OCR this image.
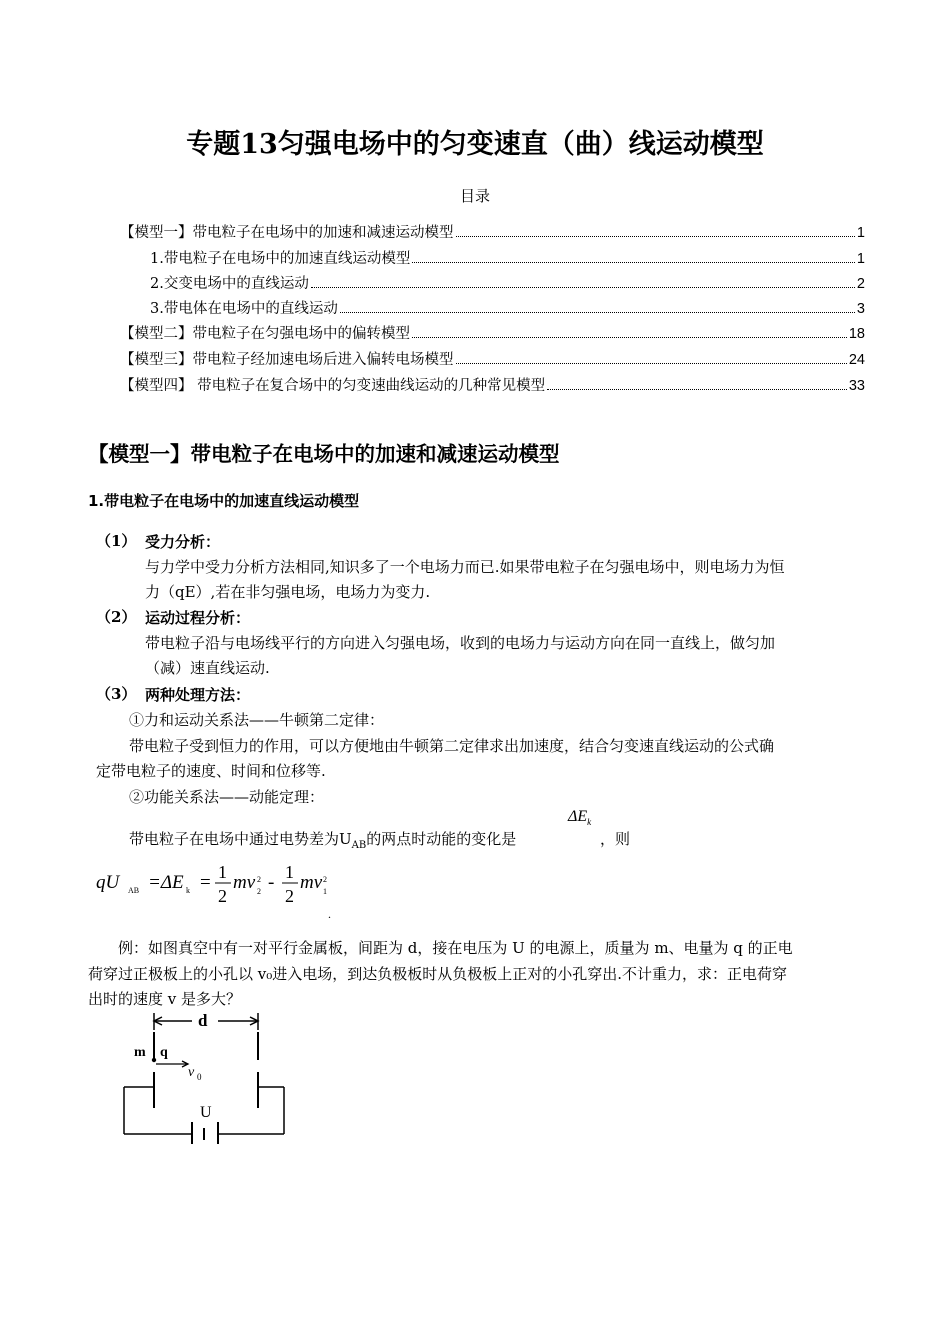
专题13匀强电场中的匀变速直（曲）线运动模型
目录
【模型一】带电粒子在电场中的加速和减速运动模型	1
1.带电粒子在电场中的加速直线运动模型	1
2.交变电场中的直线运动	2
3.带电体在电场中的直线运动	3
【模型二】带电粒子在匀强电场中的偏转模型	18
【模型三】带电粒子经加速电场后进入偏转电场模型	24
【模型四】 带电粒子在复合场中的匀变速曲线运动的几种常见模型	33
【模型一】带电粒子在电场中的加速和减速运动模型
1.带电粒子在电场中的加速直线运动模型
（1） 受力分析：
与力学中受力分析方法相同,知识多了一个电场力而已.如果带电粒子在匀强电场中，则电场力为恒
力（qE）,若在非匀强电场，电场力为变力.
（2） 运动过程分析：
带电粒子沿与电场线平行的方向进入匀强电场，收到的电场力与运动方向在同一直线上，做匀加
（减）速直线运动.
（3） 两种处理方法：
①力和运动关系法——牛顿第二定律：
带电粒子受到恒力的作用，可以方便地由牛顿第二定律求出加速度，结合匀变速直线运动的公式确
定带电粒子的速度、时间和位移等.
②功能关系法——动能定理：
$\Delta E_k$
带电粒子在电场中通过电势差为$U_{AB}$的两点时动能的变化是	，则
qU AB =ΔE k = 1
2
mv 2
2 - 1
2
mv 1
2
.
例：如图真空中有一对平行金属板，间距为 d，接在电压为 U 的电源上，质量为 m、电量为 q 的正电
荷穿过正极板上的小孔以 v₀进入电场，到达负极板时从负极板上正对的小孔穿出.不计重力，求：正电荷穿
出时的速度 v 是多大？
d
m q
v 0
U
